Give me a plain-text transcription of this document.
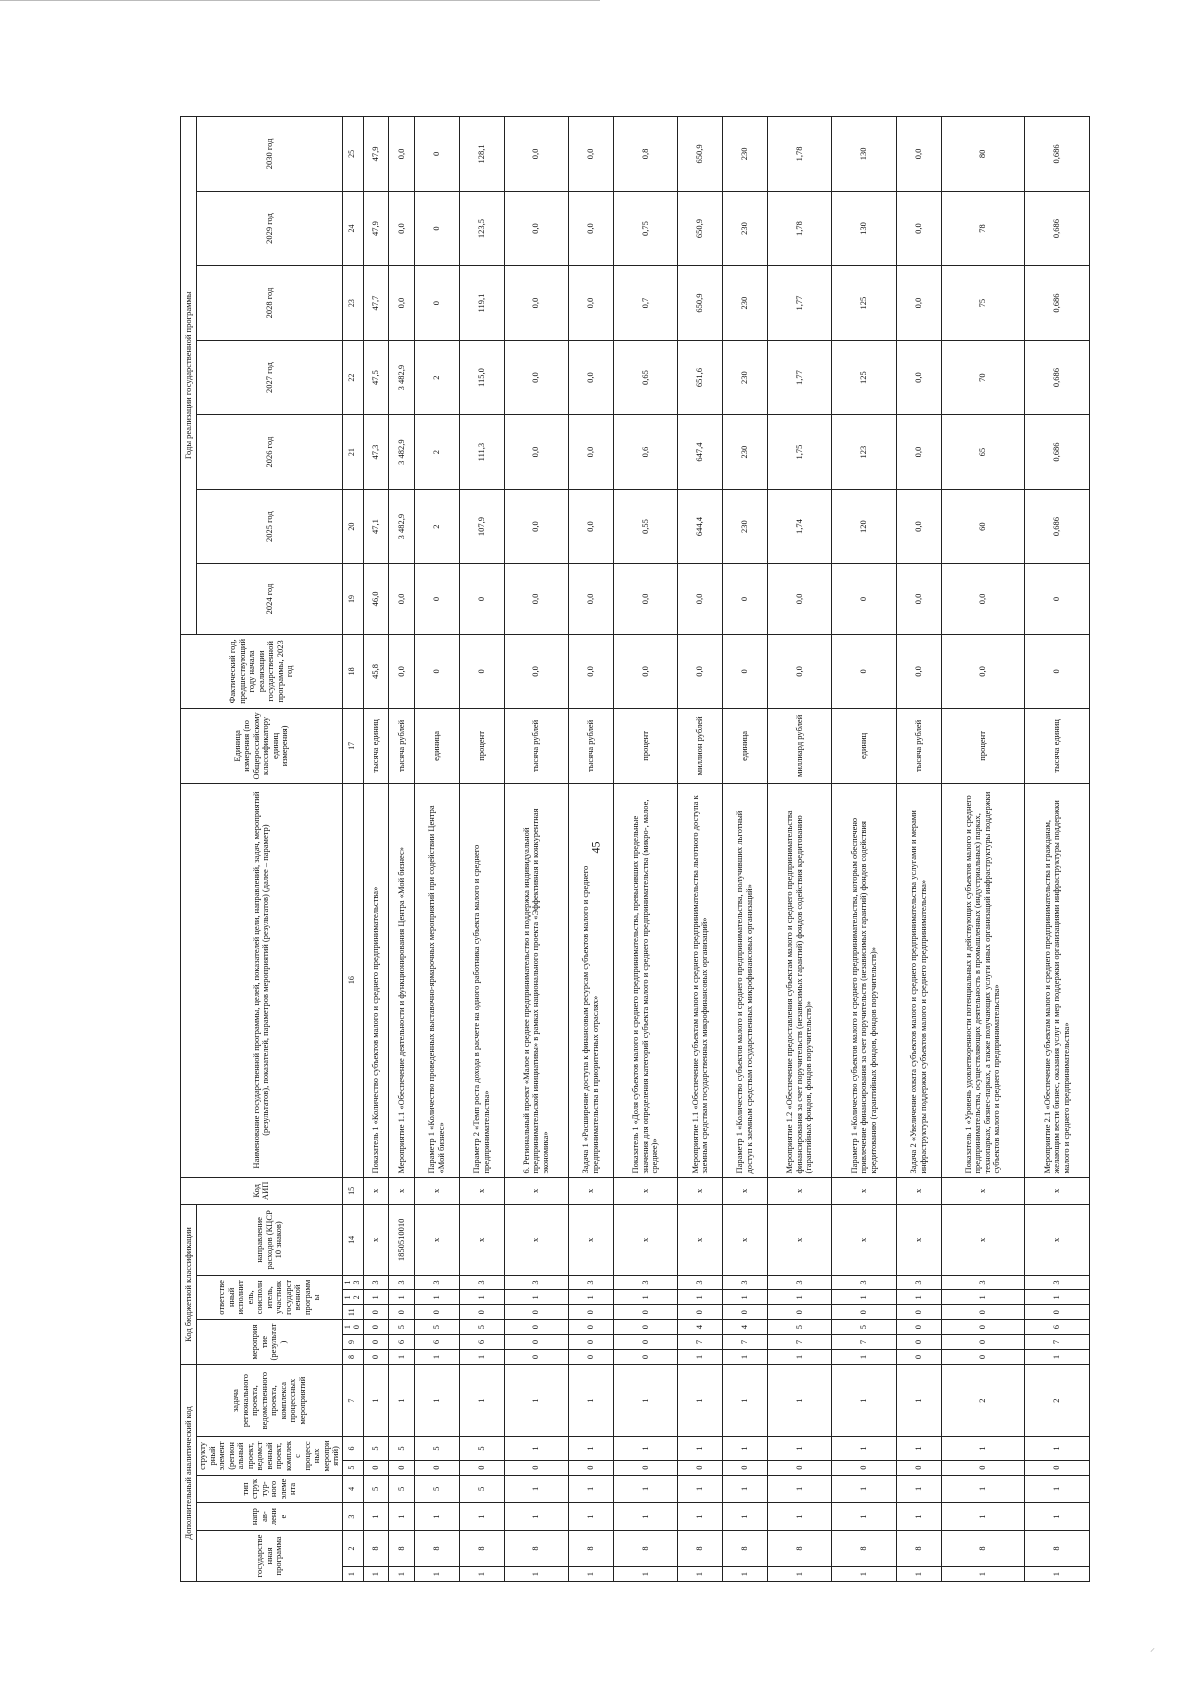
45
⸝
Дополнительный аналитический код							Код бюджетной классификации							Код АИП	Наименование государственной программы, целей, показателей цели, направлений, задач, мероприятий (результатов), показателей, параметров мероприятий (результатов) (далее – параметр)	Единица измерения (по Общероссийскому классификатору единиц измерения)	Фактический год, предшествующий году начала реализации государственной программы, 2023 год	Годы реализации государственной программы						
государственная программа		направ-ление	тип структур-ного элемента	структурный элемент (региональный проект, ведомственный проект, комплекс процессных мероприятий)		задача регионального проекта, ведомственного проекта, комплекса процессных мероприятий	мероприятие (результат)			ответственный исполнитель, соисполнитель, участник государственной программы			направление расходов (КЦСР 10 знаков)					2024 год	2025 год	2026 год	2027 год	2028 год	2029 год	2030 год

1	2	3	4	5	6	7	8	9	10	11	12	13	14	15	16	17	18	19	20	21	22	23	24	25
1	8	1	5	0	5	1	0	0	0	0	1	3	x	x	Показатель 1 «Количество субъектов малого и среднего предпринимательства»	тысяча единиц	45,8	46,0	47,1	47,3	47,5	47,7	47,9	47,9
1	8	1	5	0	5	1	1	6	5	0	1	3	1850510010	x	Мероприятие 1.1 «Обеспечение деятельности и функционирования Центра «Мой бизнес»	тысяча рублей	0,0	0,0	3 482,9	3 482,9	3 482,9	0,0	0,0	0,0
1	8	1	5	0	5	1	1	6	5	0	1	3	x	x	Параметр 1 «Количество проведенных выставочно-ярмарочных мероприятий при содействии Центра «Мой бизнес»	единица	0	0	2	2	2	0	0	0
1	8	1	5	0	5	1	1	6	5	0	1	3	x	x	Параметр 2 «Темп роста дохода в расчете на одного работника субъекта малого и среднего предпринимательства»	процент	0	0	107,9	111,3	115,0	119,1	123,5	128,1
1	8	1	1	0	1	1	0	0	0	0	1	3	x	x	6. Региональный проект «Малое и среднее предпринимательство и поддержка индивидуальной предпринимательской инициативы» в рамках национального проекта «Эффективная и конкурентная экономика»	тысяча рублей	0,0	0,0	0,0	0,0	0,0	0,0	0,0	0,0
1	8	1	1	0	1	1	0	0	0	0	1	3	x	x	Задача 1 «Расширение доступа к финансовым ресурсам субъектов малого и среднего предпринимательства в приоритетных отраслях»	тысяча рублей	0,0	0,0	0,0	0,0	0,0	0,0	0,0	0,0
1	8	1	1	0	1	1	0	0	0	0	1	3	x	x	Показатель 1 «Доля субъектов малого и среднего предпринимательства, превысивших предельные значения для определения категорий субъекта малого и среднего предпринимательства (микро-, малое, среднее)»	процент	0,0	0,0	0,55	0,6	0,65	0,7	0,75	0,8
1	8	1	1	0	1	1	1	7	4	0	1	3	x	x	Мероприятие 1.1 «Обеспечение субъектам малого и среднего предпринимательства льготного доступа к заемным средствам государственных микрофинансовых организаций»	миллион рублей	0,0	0,0	644,4	647,4	651,6	650,9	650,9	650,9
1	8	1	1	0	1	1	1	7	4	0	1	3	x	x	Параметр 1 «Количество субъектов малого и среднего предпринимательства, получивших льготный доступ к заемным средствам государственных микрофинансовых организаций»	единица	0	0	230	230	230	230	230	230
1	8	1	1	0	1	1	1	7	5	0	1	3	x	x	Мероприятие 1.2 «Обеспечение предоставления субъектам малого и среднего предпринимательства финансирования за счет поручительств (независимых гарантий) фондов содействия кредитованию (гарантийных фондов, фондов поручительств)»	миллиард рублей	0,0	0,0	1,74	1,75	1,77	1,77	1,78	1,78
1	8	1	1	0	1	1	1	7	5	0	1	3	x	x	Параметр 1 «Количество субъектов малого и среднего предпринимательства, которым обеспечено привлечение финансирования за счет поручительств (независимых гарантий) фондов содействия кредитованию (гарантийных фондов, фондов поручительств)»	единиц	0	0	120	123	125	125	130	130
1	8	1	1	0	1	1	0	0	0	0	1	3	x	x	Задача 2 «Увеличение охвата субъектов малого и среднего предпринимательства услугами и мерами инфраструктуры поддержки субъектов малого и среднего предпринимательства»	тысяча рублей	0,0	0,0	0,0	0,0	0,0	0,0	0,0	0,0
1	8	1	1	0	1	2	0	0	0	0	1	3	x	x	Показатель 1 «Уровень удовлетворенности потенциальных и действующих субъектов малого и среднего предпринимательства, осуществляющих деятельность в промышленных (индустриальных) парках, технопарках, бизнес-парках, а также получающих услуги иных организаций инфраструктуры поддержки субъектов малого и среднего предпринимательства»	процент	0,0	0,0	60	65	70	75	78	80
1	8	1	1	0	1	2	1	7	6	0	1	3	x	x	Мероприятие 2.1 «Обеспечение субъектам малого и среднего предпринимательства и гражданам, желающим вести бизнес, оказания услуг и мер поддержки организациями инфраструктуры поддержки малого и среднего предпринимательства»	тысяча единиц	0	0	0,686	0,686	0,686	0,686	0,686	0,686
